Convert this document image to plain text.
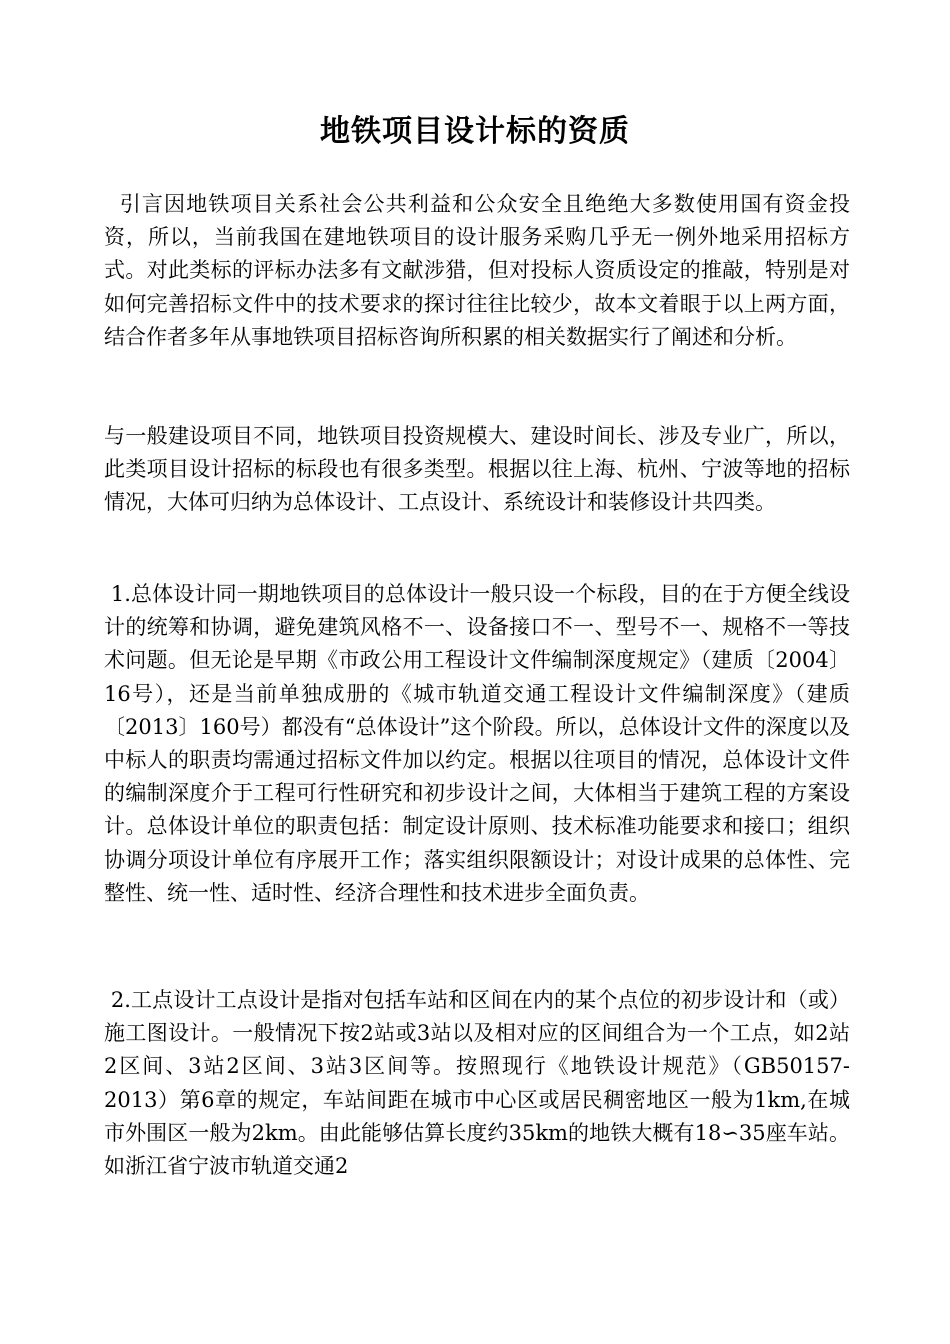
地铁项目设计标的资质

引言因地铁项目关系社会公共利益和公众安全且绝绝大多数使用国有资金投资，所以，当前我国在建地铁项目的设计服务采购几乎无一例外地采用招标方式。对此类标的评标办法多有文献涉猎，但对投标人资质设定的推敲，特别是对如何完善招标文件中的技术要求的探讨往往比较少，故本文着眼于以上两方面，结合作者多年从事地铁项目招标咨询所积累的相关数据实行了阐述和分析。

与一般建设项目不同，地铁项目投资规模大、建设时间长、涉及专业广，所以，此类项目设计招标的标段也有很多类型。根据以往上海、杭州、宁波等地的招标情况，大体可归纳为总体设计、工点设计、系统设计和装修设计共四类。

1.总体设计同一期地铁项目的总体设计一般只设一个标段，目的在于方便全线设计的统筹和协调，避免建筑风格不一、设备接口不一、型号不一、规格不一等技术问题。但无论是早期《市政公用工程设计文件编制深度规定》（建质〔2004〕16号），还是当前单独成册的《城市轨道交通工程设计文件编制深度》（建质〔2013〕160号）都没有“总体设计”这个阶段。所以，总体设计文件的深度以及中标人的职责均需通过招标文件加以约定。根据以往项目的情况，总体设计文件的编制深度介于工程可行性研究和初步设计之间，大体相当于建筑工程的方案设计。总体设计单位的职责包括：制定设计原则、技术标准功能要求和接口；组织协调分项设计单位有序展开工作；落实组织限额设计；对设计成果的总体性、完整性、统一性、适时性、经济合理性和技术进步全面负责。

2.工点设计工点设计是指对包括车站和区间在内的某个点位的初步设计和（或）施工图设计。一般情况下按2站或3站以及相对应的区间组合为一个工点，如2站2区间、3站2区间、3站3区间等。按照现行《地铁设计规范》（GB50157-2013）第6章的规定，车站间距在城市中心区或居民稠密地区一般为1km,在城市外围区一般为2km。由此能够估算长度约35km的地铁大概有18∽35座车站。如浙江省宁波市轨道交通2
